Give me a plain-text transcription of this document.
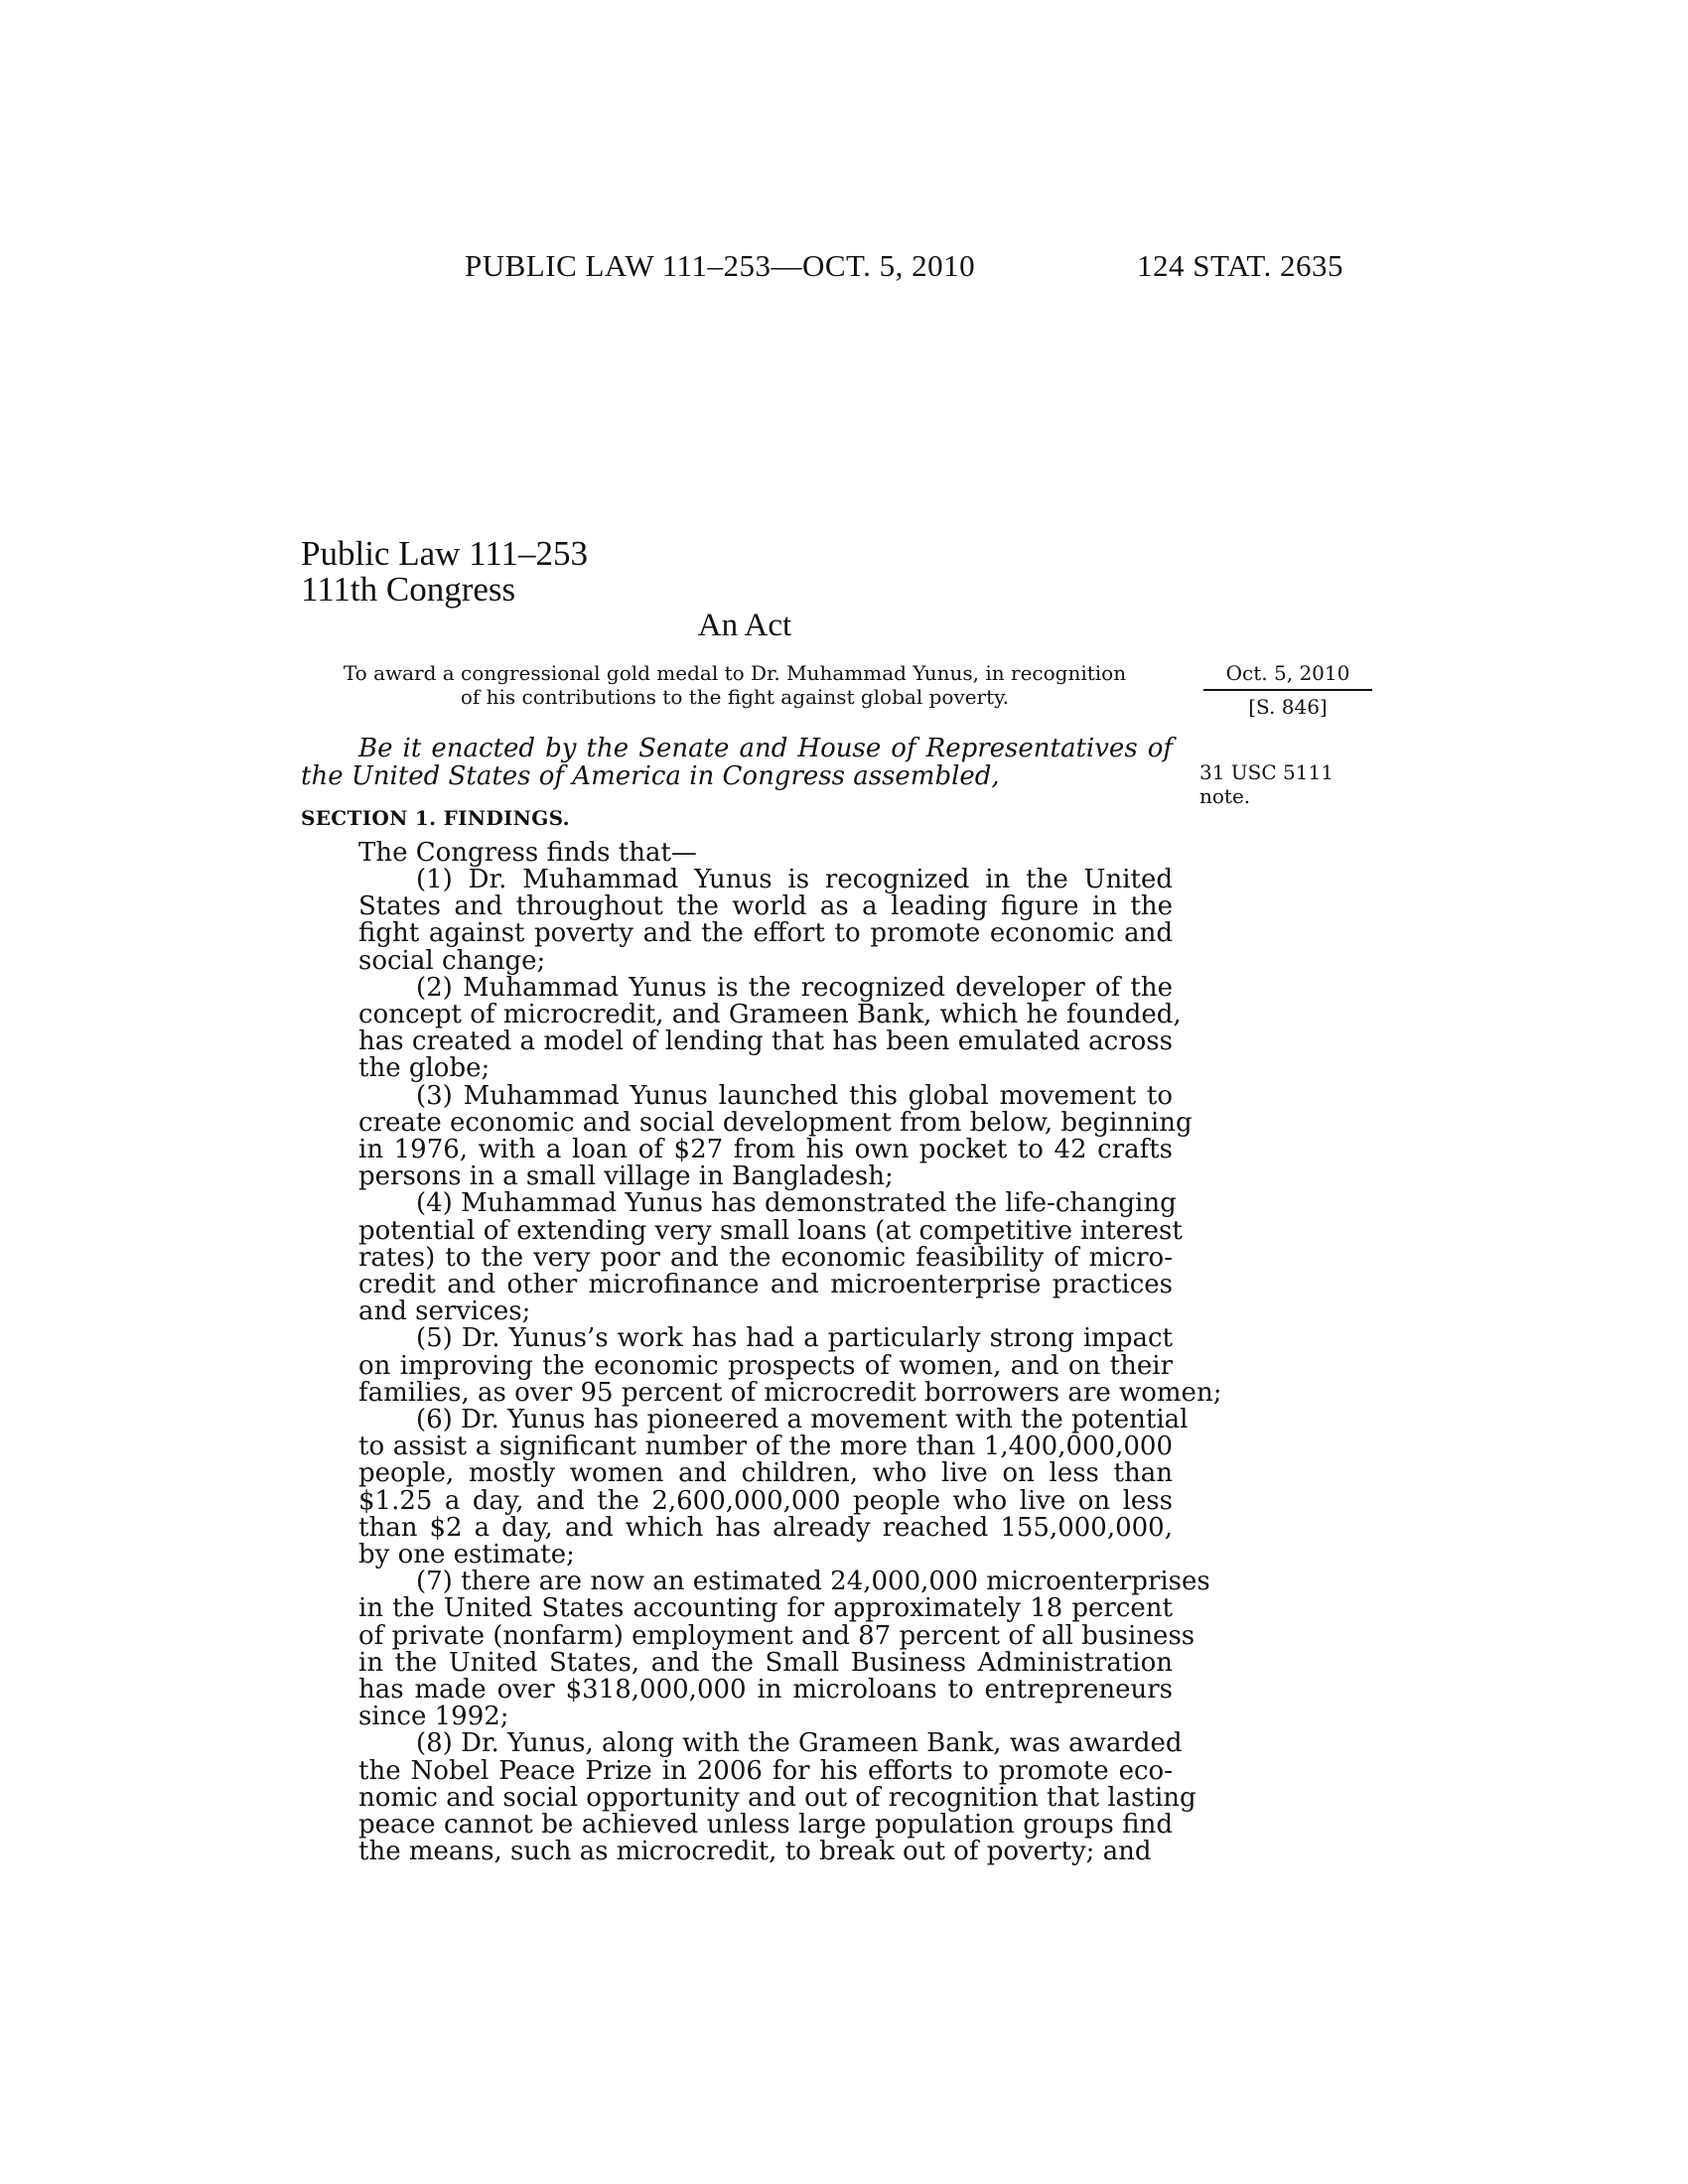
PUBLIC LAW 111–253—OCT. 5, 2010	124 STAT. 2635
Public Law 111–253
111th Congress
An Act
To award a congressional gold medal to Dr. Muhammad Yunus, in recognition
of his contributions to the fight against global poverty.
Oct. 5, 2010
[S. 846]
31 USC 5111
note.
Be it enacted by the Senate and House of Representatives of
the United States of America in Congress assembled,
SECTION 1. FINDINGS.
The Congress finds that—
(1) Dr. Muhammad Yunus is recognized in the United
States and throughout the world as a leading figure in the
fight against poverty and the effort to promote economic and
social change;
(2) Muhammad Yunus is the recognized developer of the
concept of microcredit, and Grameen Bank, which he founded,
has created a model of lending that has been emulated across
the globe;
(3) Muhammad Yunus launched this global movement to
create economic and social development from below, beginning
in 1976, with a loan of $27 from his own pocket to 42 crafts
persons in a small village in Bangladesh;
(4) Muhammad Yunus has demonstrated the life-changing
potential of extending very small loans (at competitive interest
rates) to the very poor and the economic feasibility of micro-
credit and other microfinance and microenterprise practices
and services;
(5) Dr. Yunus’s work has had a particularly strong impact
on improving the economic prospects of women, and on their
families, as over 95 percent of microcredit borrowers are women;
(6) Dr. Yunus has pioneered a movement with the potential
to assist a significant number of the more than 1,400,000,000
people, mostly women and children, who live on less than
$1.25 a day, and the 2,600,000,000 people who live on less
than $2 a day, and which has already reached 155,000,000,
by one estimate;
(7) there are now an estimated 24,000,000 microenterprises
in the United States accounting for approximately 18 percent
of private (nonfarm) employment and 87 percent of all business
in the United States, and the Small Business Administration
has made over $318,000,000 in microloans to entrepreneurs
since 1992;
(8) Dr. Yunus, along with the Grameen Bank, was awarded
the Nobel Peace Prize in 2006 for his efforts to promote eco-
nomic and social opportunity and out of recognition that lasting
peace cannot be achieved unless large population groups find
the means, such as microcredit, to break out of poverty; and
